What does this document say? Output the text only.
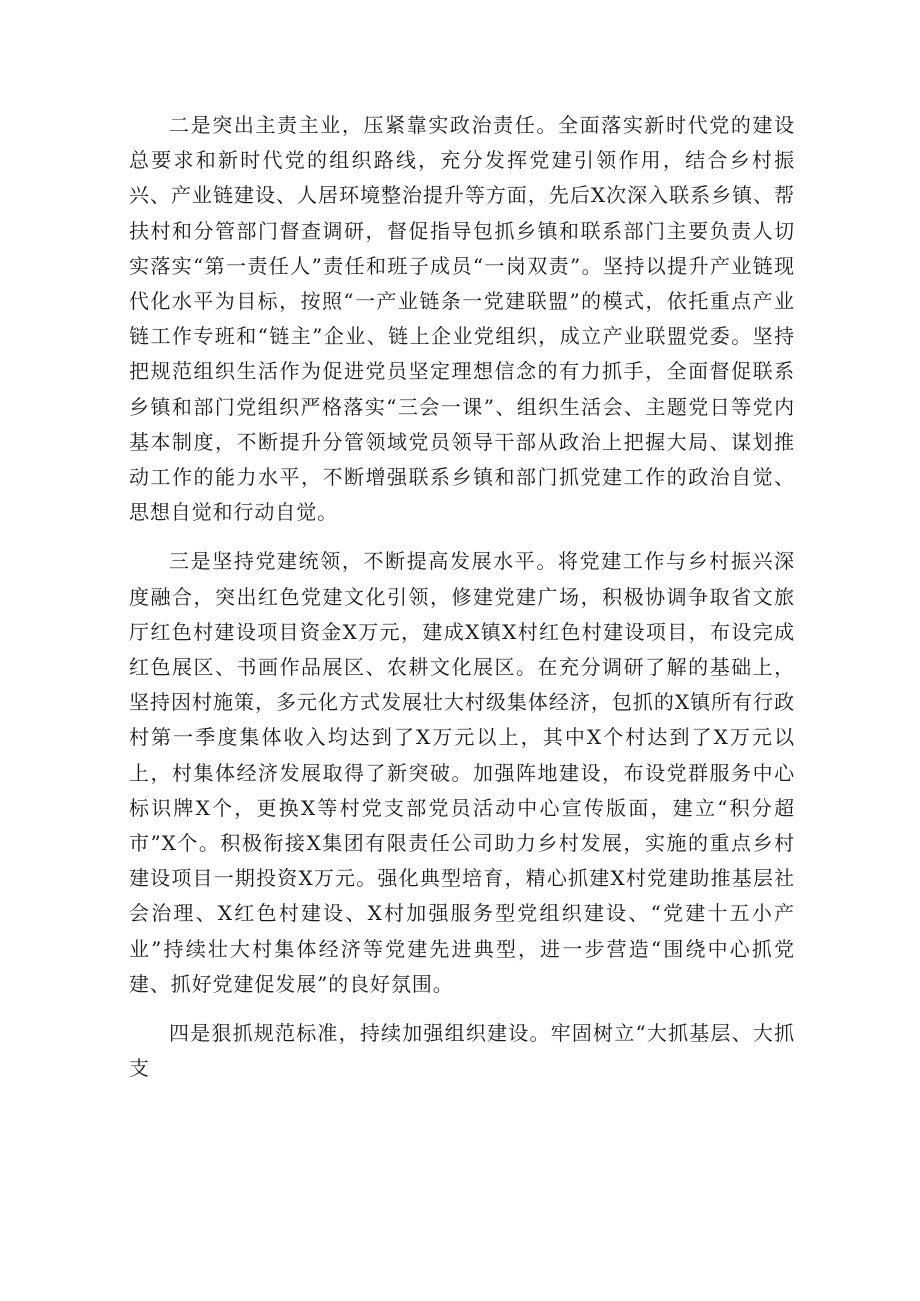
二是突出主责主业，压紧靠实政治责任。全面落实新时代党的建设总要求和新时代党的组织路线，充分发挥党建引领作用，结合乡村振兴、产业链建设、人居环境整治提升等方面，先后X次深入联系乡镇、帮扶村和分管部门督查调研，督促指导包抓乡镇和联系部门主要负责人切实落实“第一责任人”责任和班子成员“一岗双责”。坚持以提升产业链现代化水平为目标，按照“一产业链条一党建联盟”的模式，依托重点产业链工作专班和“链主”企业、链上企业党组织，成立产业联盟党委。坚持把规范组织生活作为促进党员坚定理想信念的有力抓手，全面督促联系乡镇和部门党组织严格落实“三会一课”、组织生活会、主题党日等党内基本制度，不断提升分管领域党员领导干部从政治上把握大局、谋划推动工作的能力水平，不断增强联系乡镇和部门抓党建工作的政治自觉、思想自觉和行动自觉。

三是坚持党建统领，不断提高发展水平。将党建工作与乡村振兴深度融合，突出红色党建文化引领，修建党建广场，积极协调争取省文旅厅红色村建设项目资金X万元，建成X镇X村红色村建设项目，布设完成红色展区、书画作品展区、农耕文化展区。在充分调研了解的基础上，坚持因村施策，多元化方式发展壮大村级集体经济，包抓的X镇所有行政村第一季度集体收入均达到了X万元以上，其中X个村达到了X万元以上，村集体经济发展取得了新突破。加强阵地建设，布设党群服务中心标识牌X个，更换X等村党支部党员活动中心宣传版面，建立“积分超市”X个。积极衔接X集团有限责任公司助力乡村发展，实施的重点乡村建设项目一期投资X万元。强化典型培育，精心抓建X村党建助推基层社会治理、X红色村建设、X村加强服务型党组织建设、“党建十五小产业”持续壮大村集体经济等党建先进典型，进一步营造“围绕中心抓党建、抓好党建促发展”的良好氛围。

四是狠抓规范标准，持续加强组织建设。牢固树立“大抓基层、大抓支
